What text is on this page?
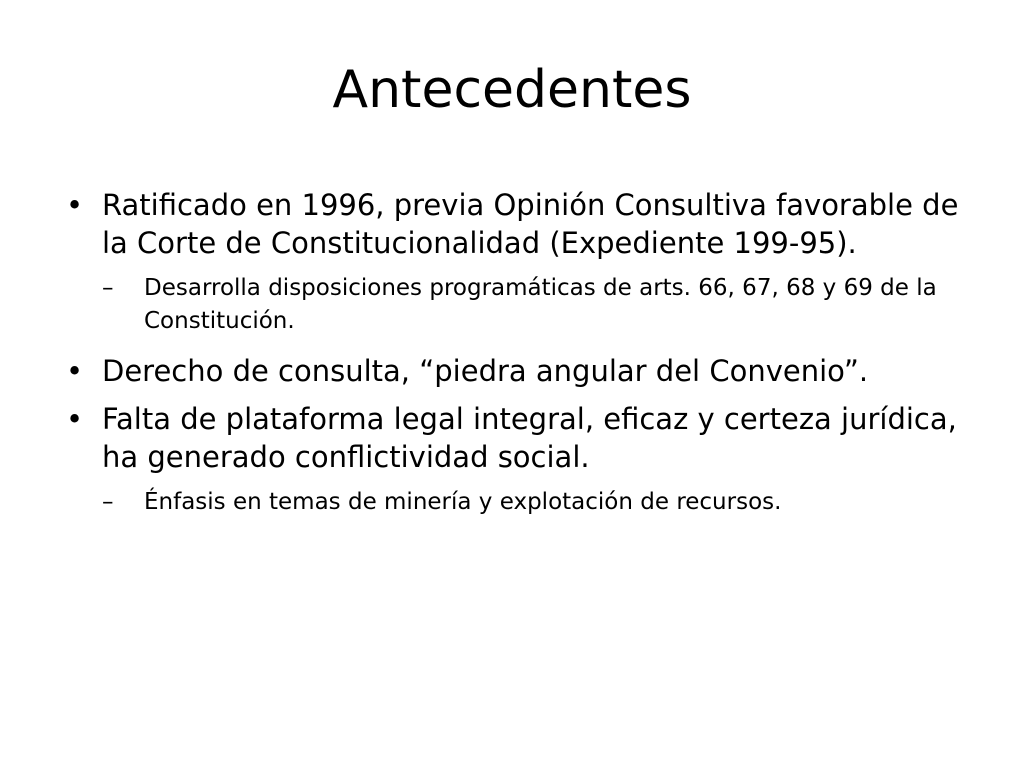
Antecedentes
• Ratificado en 1996, previa Opinión Consultiva favorable de la Corte de Constitucionalidad (Expediente 199-95).
– Desarrolla disposiciones programáticas de arts. 66, 67, 68 y 69 de la Constitución.
• Derecho de consulta, “piedra angular del Convenio”.
• Falta de plataforma legal integral, eficaz y certeza jurídica, ha generado conflictividad social.
– Énfasis en temas de minería y explotación de recursos.
